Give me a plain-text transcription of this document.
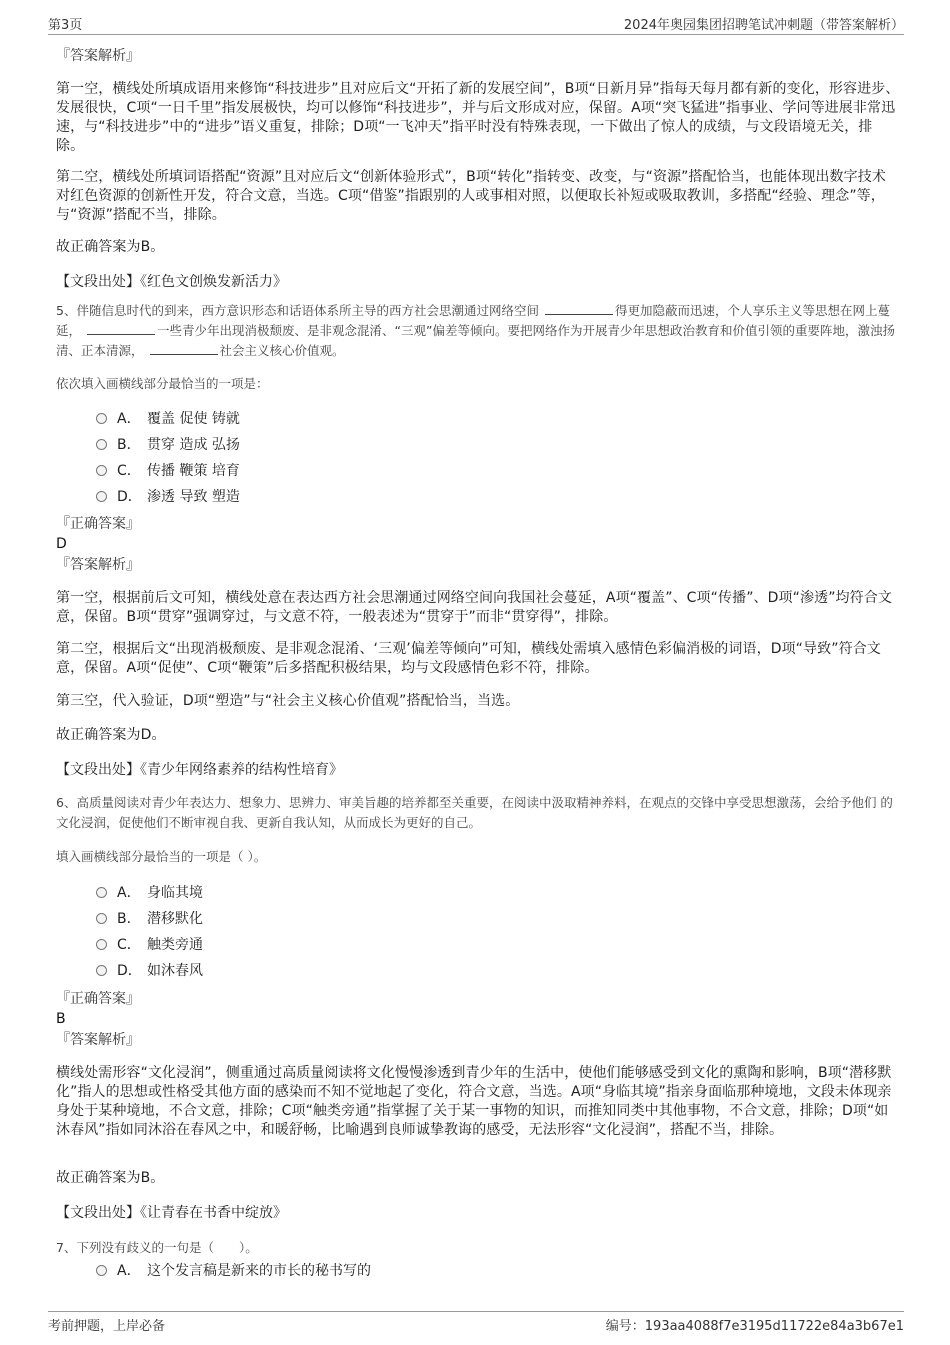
第3页	2024年奥园集团招聘笔试冲刺题（带答案解析）
『答案解析』
第一空，横线处所填成语用来修饰“科技进步”且对应后文“开拓了新的发展空间”，B项“日新月异”指每天每月都有新的变化，形容进步、发展很快，C项“一日千里”指发展极快，均可以修饰“科技进步”，并与后文形成对应，保留。A项“突飞猛进”指事业、学问等进展非常迅速，与“科技进步”中的“进步”语义重复，排除；D项“一飞冲天”指平时没有特殊表现，一下做出了惊人的成绩，与文段语境无关，排除。
第二空，横线处所填词语搭配“资源”且对应后文“创新体验形式”，B项“转化”指转变、改变，与“资源”搭配恰当，也能体现出数字技术对红色资源的创新性开发，符合文意，当选。C项“借鉴”指跟别的人或事相对照，以便取长补短或吸取教训，多搭配“经验、理念”等，与“资源”搭配不当，排除。
故正确答案为B。
【文段出处】《红色文创焕发新活力》
5、伴随信息时代的到来，西方意识形态和话语体系所主导的西方社会思潮通过网络空间	得更加隐蔽而迅速，个人享乐主义等思想在网上蔓延，	一些青少年出现消极颓废、是非观念混淆、“三观”偏差等倾向。要把网络作为开展青少年思想政治教育和价值引领的重要阵地，激浊扬清、正本清源，	社会主义核心价值观。
依次填入画横线部分最恰当的一项是：
A． 覆盖 促使 铸就
B． 贯穿 造成 弘扬
C． 传播 鞭策 培育
D． 渗透 导致 塑造
『正确答案』
D
『答案解析』
第一空，根据前后文可知，横线处意在表达西方社会思潮通过网络空间向我国社会蔓延，A项“覆盖”、C项“传播”、D项“渗透”均符合文意，保留。B项“贯穿”强调穿过，与文意不符，一般表述为“贯穿于”而非“贯穿得”，排除。
第二空，根据后文“出现消极颓废、是非观念混淆、‘三观’偏差等倾向”可知，横线处需填入感情色彩偏消极的词语，D项“导致”符合文意，保留。A项“促使”、C项“鞭策”后多搭配积极结果，均与文段感情色彩不符，排除。
第三空，代入验证，D项“塑造”与“社会主义核心价值观”搭配恰当，当选。
故正确答案为D。
【文段出处】《青少年网络素养的结构性培育》
6、高质量阅读对青少年表达力、想象力、思辨力、审美旨趣的培养都至关重要，在阅读中汲取精神养料，在观点的交锋中享受思想激荡，会给予他们 的文化浸润，促使他们不断审视自我、更新自我认知，从而成长为更好的自己。
填入画横线部分最恰当的一项是（ ）。
A． 身临其境
B． 潜移默化
C． 触类旁通
D． 如沐春风
『正确答案』
B
『答案解析』
横线处需形容“文化浸润”，侧重通过高质量阅读将文化慢慢渗透到青少年的生活中，使他们能够感受到文化的熏陶和影响，B项“潜移默化”指人的思想或性格受其他方面的感染而不知不觉地起了变化，符合文意，当选。A项“身临其境”指亲身面临那种境地，文段未体现亲身处于某种境地，不合文意，排除；C项“触类旁通”指掌握了关于某一事物的知识，而推知同类中其他事物，不合文意，排除；D项“如沐春风”指如同沐浴在春风之中，和暖舒畅，比喻遇到良师诚挚教诲的感受，无法形容“文化浸润”，搭配不当，排除。
故正确答案为B。
【文段出处】《让青春在书香中绽放》
7、下列没有歧义的一句是（　　）。
A． 这个发言稿是新来的市长的秘书写的
考前押题，上岸必备	编号：193aa4088f7e3195d11722e84a3b67e1
